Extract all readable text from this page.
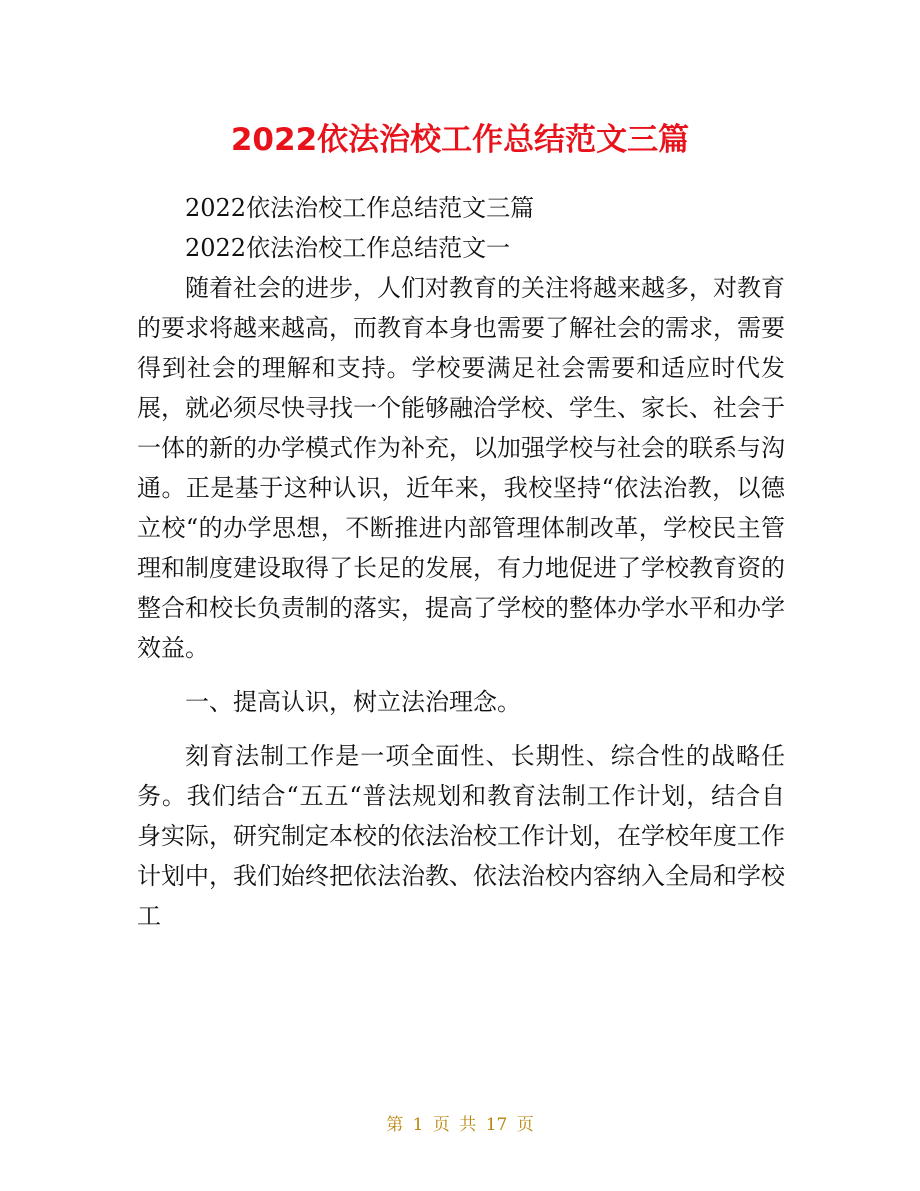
2022依法治校工作总结范文三篇

2022依法治校工作总结范文三篇

2022依法治校工作总结范文一

随着社会的进步，人们对教育的关注将越来越多，对教育的要求将越来越高，而教育本身也需要了解社会的需求，需要得到社会的理解和支持。学校要满足社会需要和适应时代发展，就必须尽快寻找一个能够融洽学校、学生、家长、社会于一体的新的办学模式作为补充，以加强学校与社会的联系与沟通。正是基于这种认识，近年来，我校坚持“依法治教，以德立校“的办学思想，不断推进内部管理体制改革，学校民主管理和制度建设取得了长足的发展，有力地促进了学校教育资的整合和校长负责制的落实，提高了学校的整体办学水平和办学效益。

一、提高认识，树立法治理念。

刻育法制工作是一项全面性、长期性、综合性的战略任务。我们结合“五五“普法规划和教育法制工作计划，结合自身实际，研究制定本校的依法治校工作计划，在学校年度工作计划中，我们始终把依法治教、依法治校内容纳入全局和学校工

第 1 页 共 17 页
